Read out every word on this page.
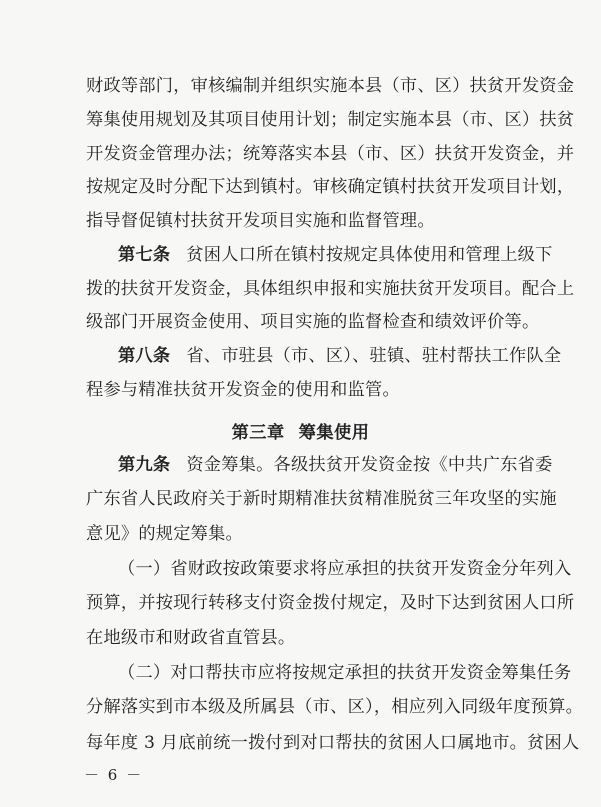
财政等部门，审核编制并组织实施本县（市、区）扶贫开发资金
筹集使用规划及其项目使用计划；制定实施本县（市、区）扶贫
开发资金管理办法；统筹落实本县（市、区）扶贫开发资金，并
按规定及时分配下达到镇村。审核确定镇村扶贫开发项目计划，
指导督促镇村扶贫开发项目实施和监督管理。
第七条 贫困人口所在镇村按规定具体使用和管理上级下
拨的扶贫开发资金，具体组织申报和实施扶贫开发项目。配合上
级部门开展资金使用、项目实施的监督检查和绩效评价等。
第八条 省、市驻县（市、区）、驻镇、驻村帮扶工作队全
程参与精准扶贫开发资金的使用和监管。
第三章 筹集使用
第九条 资金筹集。各级扶贫开发资金按《中共广东省委
广东省人民政府关于新时期精准扶贫精准脱贫三年攻坚的实施
意见》的规定筹集。
（一）省财政按政策要求将应承担的扶贫开发资金分年列入
预算，并按现行转移支付资金拨付规定，及时下达到贫困人口所
－ 6 －
在地级市和财政省直管县。
（二）对口帮扶市应将按规定承担的扶贫开发资金筹集任务
分解落实到市本级及所属县（市、区），相应列入同级年度预算。
每年度 3 月底前统一拨付到对口帮扶的贫困人口属地市。贫困人
